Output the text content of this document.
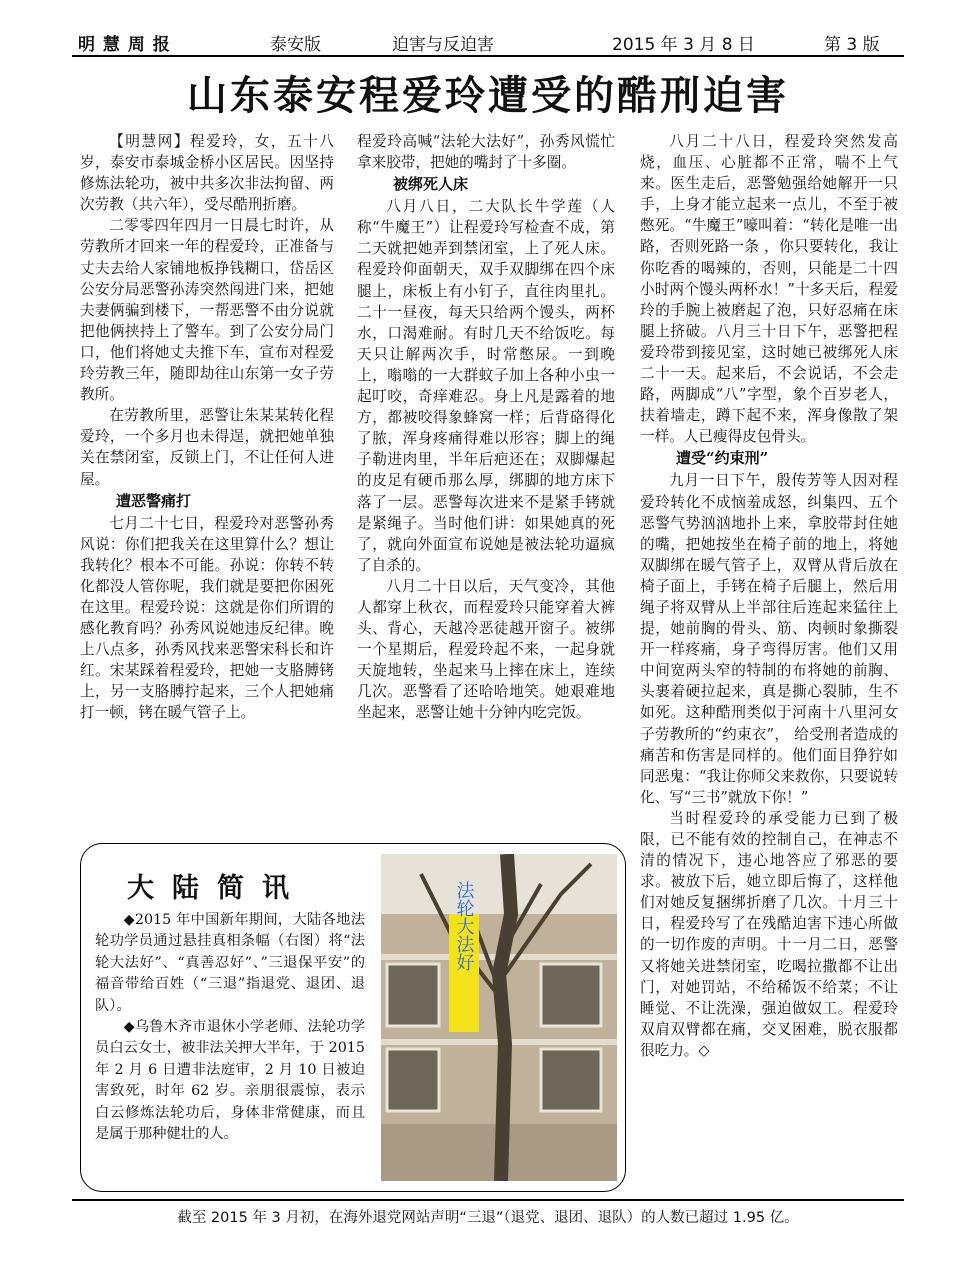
明 慧 周 报	泰安版	迫害与反迫害	2015 年 3 月 8 日	第 3 版
山东泰安程爱玲遭受的酷刑迫害

【明慧网】程爱玲，女，五十八岁，泰安市泰城金桥小区居民。因坚持修炼法轮功，被中共多次非法拘留、两次劳教（共六年），受尽酷刑折磨。

二零零四年四月一日晨七时许，从劳教所才回来一年的程爱玲，正准备与丈夫去给人家铺地板挣钱糊口，岱岳区公安分局恶警孙涛突然闯进门来，把她夫妻俩骗到楼下，一帮恶警不由分说就把他俩挟持上了警车。到了公安分局门口，他们将她丈夫推下车，宣布对程爱玲劳教三年，随即劫往山东第一女子劳教所。

在劳教所里，恶警让朱某某转化程爱玲，一个多月也未得逞，就把她单独关在禁闭室，反锁上门，不让任何人进屋。

遭恶警痛打

七月二十七日，程爱玲对恶警孙秀风说：你们把我关在这里算什么？想让我转化？根本不可能。孙说：你转不转化都没人管你呢，我们就是要把你困死在这里。程爱玲说：这就是你们所谓的感化教育吗？孙秀风说她违反纪律。晚上八点多，孙秀风找来恶警宋科长和许红。宋某踩着程爱玲，把她一支胳膊铐上，另一支胳膊拧起来，三个人把她痛打一顿，铐在暖气管子上。

程爱玲高喊“法轮大法好”，孙秀风慌忙拿来胶带，把她的嘴封了十多圈。

被绑死人床

八月八日，二大队长牛学莲（人称“牛魔王”）让程爱玲写检查不成，第二天就把她弄到禁闭室，上了死人床。程爱玲仰面朝天，双手双脚绑在四个床腿上，床板上有小钉子，直往肉里扎。二十一昼夜，每天只给两个馒头，两杯水，口渴难耐。有时几天不给饭吃。每天只让解两次手，时常憋尿。一到晚上，嗡嗡的一大群蚊子加上各种小虫一起叮咬，奇痒难忍。身上凡是露着的地方，都被咬得象蜂窝一样；后背硌得化了脓，浑身疼痛得难以形容；脚上的绳子勒进肉里，半年后疤还在；双脚爆起的皮足有硬币那么厚，绑脚的地方床下落了一层。恶警每次进来不是紧手铐就是紧绳子。当时他们讲：如果她真的死了，就向外面宣布说她是被法轮功逼疯了自杀的。

八月二十日以后，天气变冷，其他人都穿上秋衣，而程爱玲只能穿着大裤头、背心，天越冷恶徒越开窗子。被绑一个星期后，程爱玲起不来，一起身就天旋地转，坐起来马上摔在床上，连续几次。恶警看了还哈哈地笑。她艰难地坐起来，恶警让她十分钟内吃完饭。

八月二十八日，程爱玲突然发高烧，血压、心脏都不正常，喘不上气来。医生走后，恶警勉强给她解开一只手，上身才能立起来一点儿，不至于被憋死。“牛魔王”嚎叫着：“转化是唯一出路，否则死路一条 ，你只要转化，我让你吃香的喝辣的，否则，只能是二十四小时两个馒头两杯水！”十多天后，程爱玲的手腕上被磨起了泡，只好忍痛在床腿上挤破。八月三十日下午，恶警把程爱玲带到接见室，这时她已被绑死人床二十一天。起来后，不会说话，不会走路，两脚成“八”字型，象个百岁老人，扶着墙走，蹲下起不来，浑身像散了架一样。人已瘦得皮包骨头。

遭受“约束刑”

九月一日下午，殷传芳等人因对程爱玲转化不成恼羞成怒，纠集四、五个恶警气势汹汹地扑上来，拿胶带封住她的嘴，把她按坐在椅子前的地上，将她双脚绑在暖气管子上，双臂从背后放在椅子面上，手铐在椅子后腿上，然后用绳子将双臂从上半部往后连起来猛往上提，她前胸的骨头、筋、肉顿时象撕裂开一样疼痛，身子弯得厉害。他们又用中间宽两头窄的特制的布将她的前胸、头裹着硬拉起来，真是撕心裂肺，生不如死。这种酷刑类似于河南十八里河女子劳教所的“约束衣”， 给受刑者造成的痛苦和伤害是同样的。他们面目狰狞如同恶鬼：“我让你师父来救你，只要说转化、写“三书”就放下你！”

当时程爱玲的承受能力已到了极限，已不能有效的控制自己，在神志不清的情况下，违心地答应了邪恶的要求。被放下后，她立即后悔了，这样他们对她反复捆绑折磨了几次。十月三十日，程爱玲写了在残酷迫害下违心所做的一切作废的声明。十一月二日，恶警又将她关进禁闭室，吃喝拉撒都不让出门，对她罚站，不给稀饭不给菜；不让睡觉、不让洗澡，强迫做奴工。程爱玲双肩双臂都在痛，交叉困难，脱衣服都很吃力。◇

大陆简讯

◆2015 年中国新年期间，大陆各地法轮功学员通过悬挂真相条幅（右图）将“法轮大法好”、“真善忍好”、”三退保平安”的福音带给百姓（“三退”指退党、退团、退队）。

◆乌鲁木齐市退休小学老师、法轮功学员白云女士，被非法关押大半年，于 2015 年 2 月 6 日遭非法庭审，2 月 10 日被迫害致死，时年 62 岁。亲朋很震惊，表示白云修炼法轮功后，身体非常健康，而且是属于那种健壮的人。

法轮大法好
截至 2015 年 3 月初，在海外退党网站声明“三退”（退党、退团、退队）的人数已超过 1.95 亿。
